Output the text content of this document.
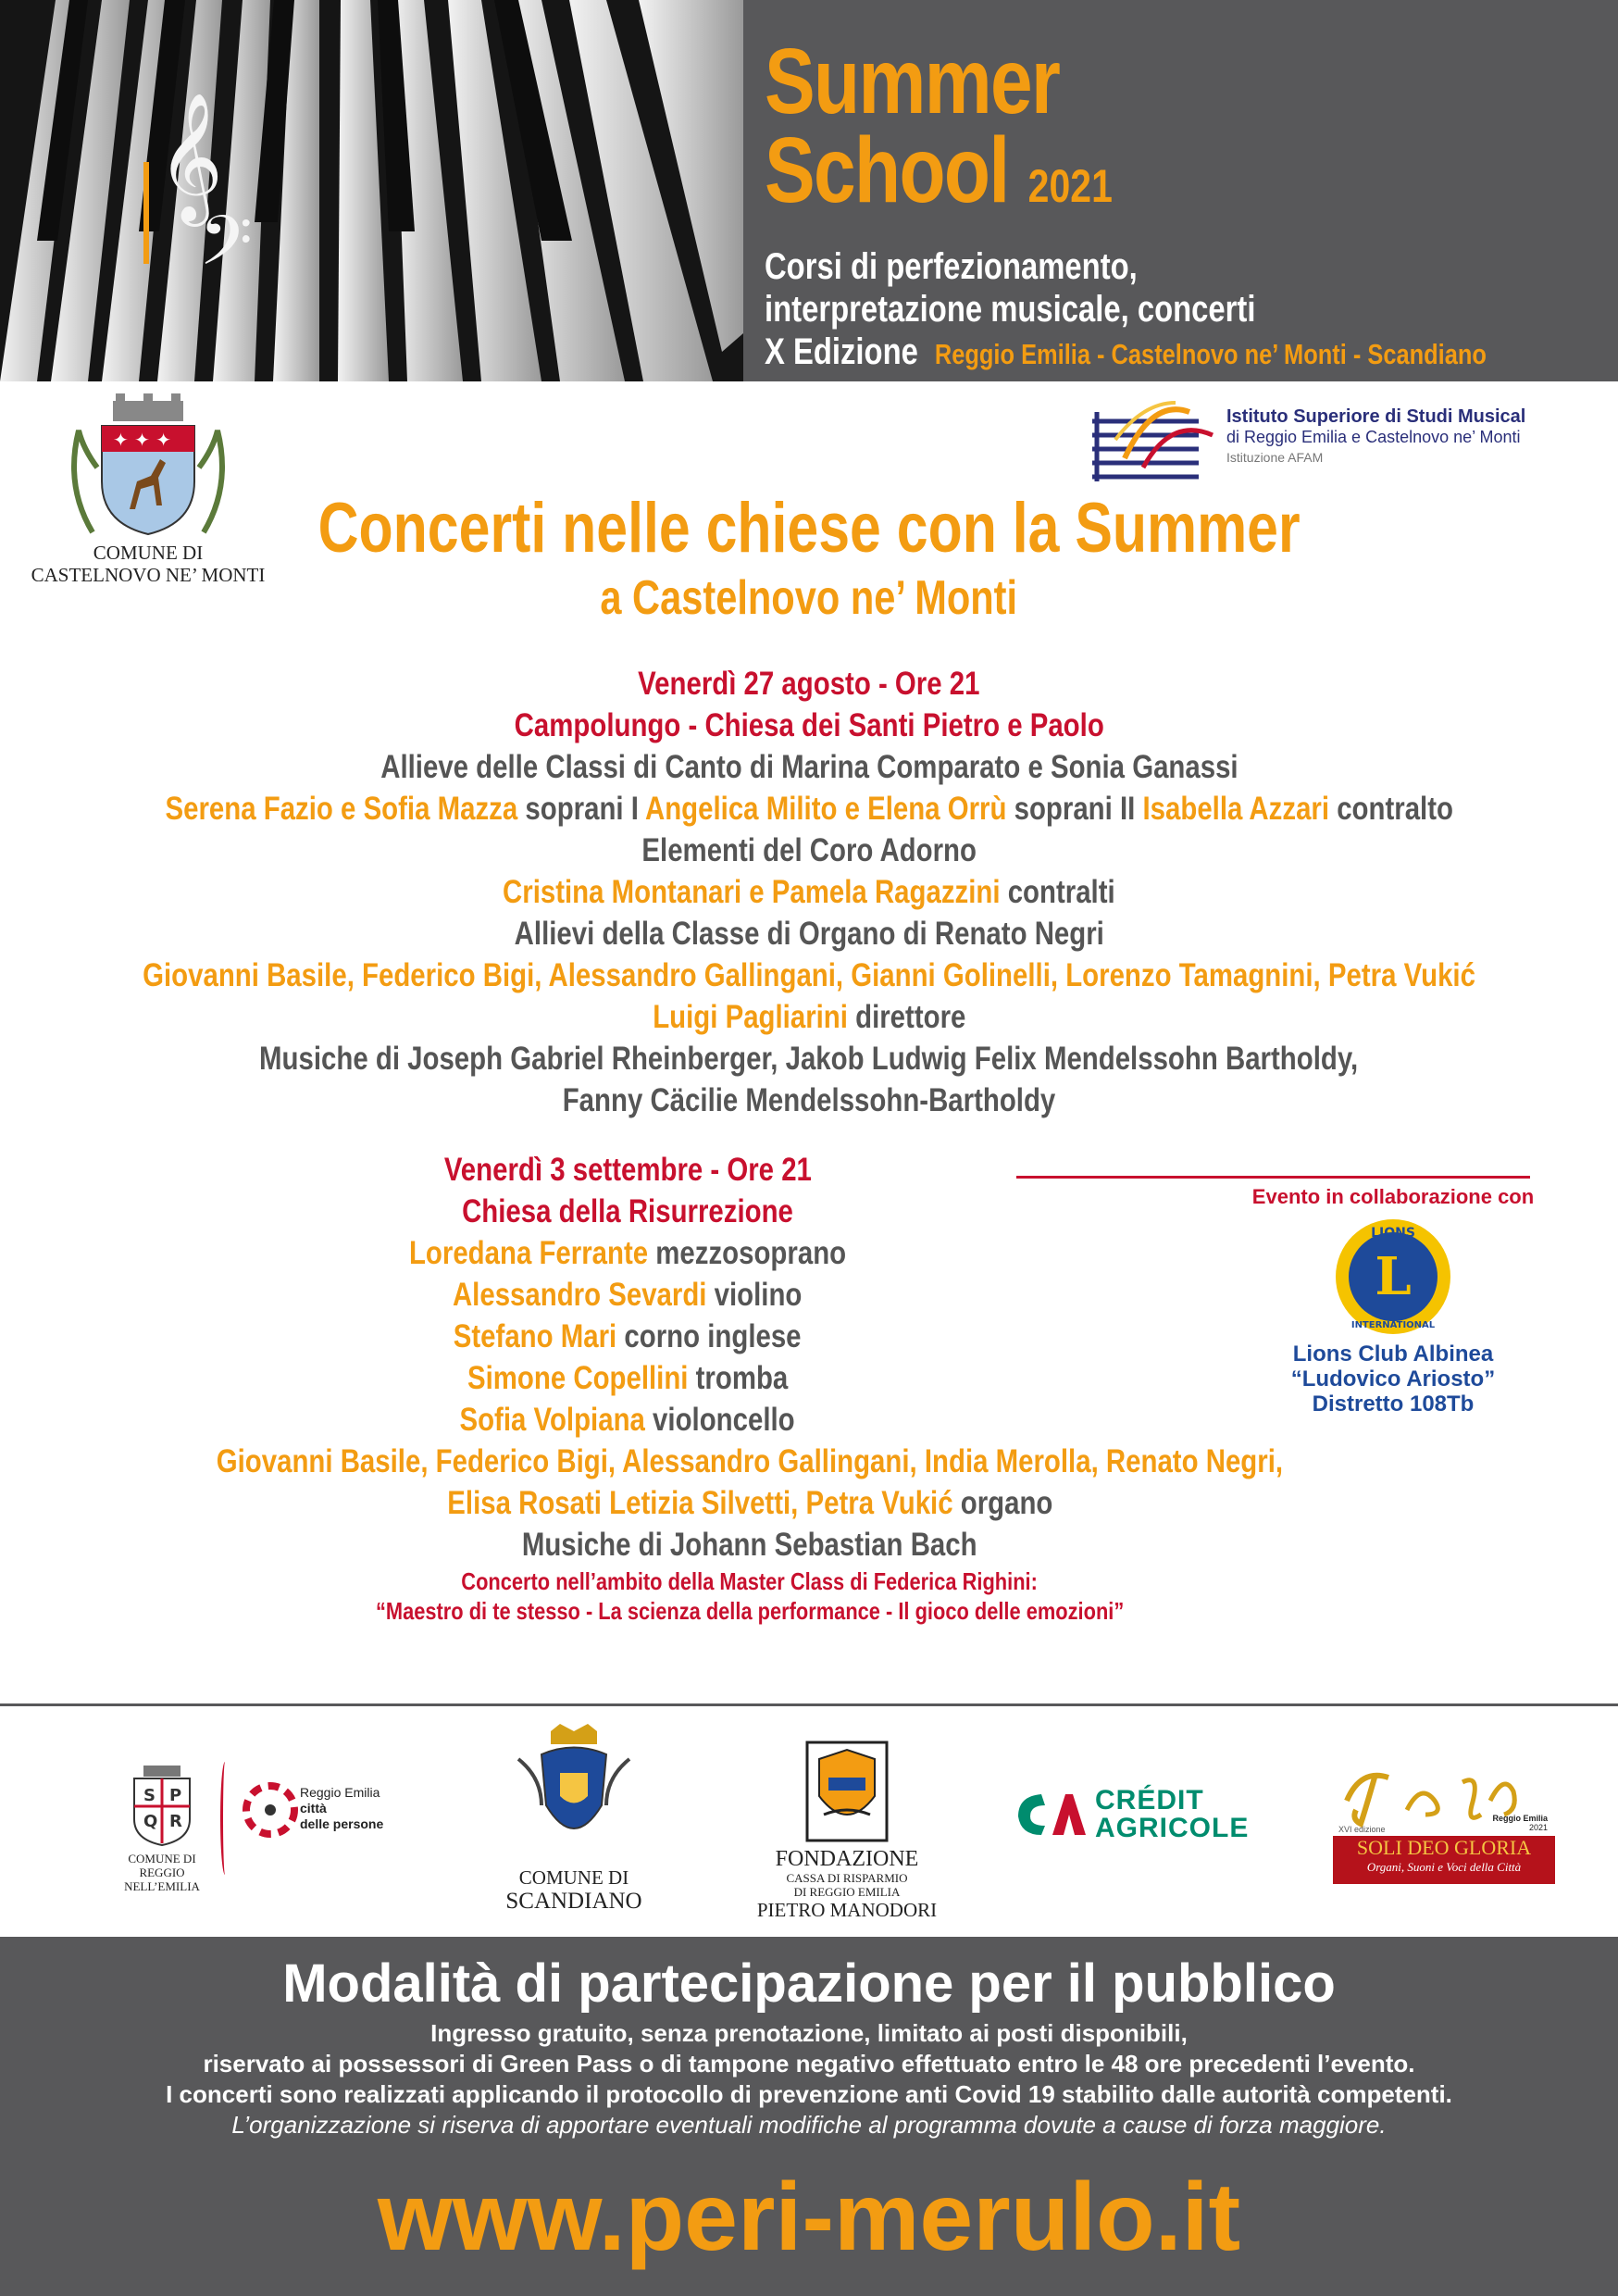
𝄞
𝄢
Summer
School 2021
Corsi di perfezionamento,
interpretazione musicale, concerti
X Edizione Reggio Emilia - Castelnovo ne’ Monti - Scandiano
✦ ✦ ✦
COMUNE DI
CASTELNOVO NE’ MONTI
Istituto Superiore di Studi Musical
di Reggio Emilia e Castelnovo ne’ Monti
Istituzione AFAM
Concerti nelle chiese con la Summer
a Castelnovo ne’ Monti
Venerdì 27 agosto - Ore 21
Campolungo - Chiesa dei Santi Pietro e Paolo
Allieve delle Classi di Canto di Marina Comparato e Sonia Ganassi
Serena Fazio e Sofia Mazza soprani I Angelica Milito e Elena Orrù soprani II Isabella Azzari contralto
Elementi del Coro Adorno
Cristina Montanari e Pamela Ragazzini contralti
Allievi della Classe di Organo di Renato Negri
Giovanni Basile, Federico Bigi, Alessandro Gallingani, Gianni Golinelli, Lorenzo Tamagnini, Petra Vukić
Luigi Pagliarini direttore
Musiche di Joseph Gabriel Rheinberger, Jakob Ludwig Felix Mendelssohn Bartholdy,
Fanny Cäcilie Mendelssohn-Bartholdy
Venerdì 3 settembre - Ore 21
Chiesa della Risurrezione
Loredana Ferrante mezzosoprano
Alessandro Sevardi violino
Stefano Mari corno inglese
Simone Copellini tromba
Sofia Volpiana violoncello
Giovanni Basile, Federico Bigi, Alessandro Gallingani, India Merolla, Renato Negri,
Elisa Rosati Letizia Silvetti, Petra Vukić organo
Musiche di Johann Sebastian Bach
Concerto nell’ambito della Master Class di Federica Righini:
“Maestro di te stesso - La scienza della performance - Il gioco delle emozioni”
Evento in collaborazione con
LIONS
L
INTERNATIONAL
Lions Club Albinea
“Ludovico Ariosto”
Distretto 108Tb
S P
Q R
COMUNE DI
REGGIO NELL’EMILIA
Reggio Emilia
città
delle persone
COMUNE DI
SCANDIANO
FONDAZIONE
CASSA DI RISPARMIO
DI REGGIO EMILIA
PIETRO MANODORI
CRÉDIT
AGRICOLE	Reggio Emilia
2021
SOLI DEO GLORIA
Organi, Suoni e Voci della Città
XVI edizione
Modalità di partecipazione per il pubblico
Ingresso gratuito, senza prenotazione, limitato ai posti disponibili,
riservato ai possessori di Green Pass o di tampone negativo effettuato entro le 48 ore precedenti l’evento.
I concerti sono realizzati applicando il protocollo di prevenzione anti Covid 19 stabilito dalle autorità competenti.
L’organizzazione si riserva di apportare eventuali modifiche al programma dovute a cause di forza maggiore.
www.peri-merulo.it
